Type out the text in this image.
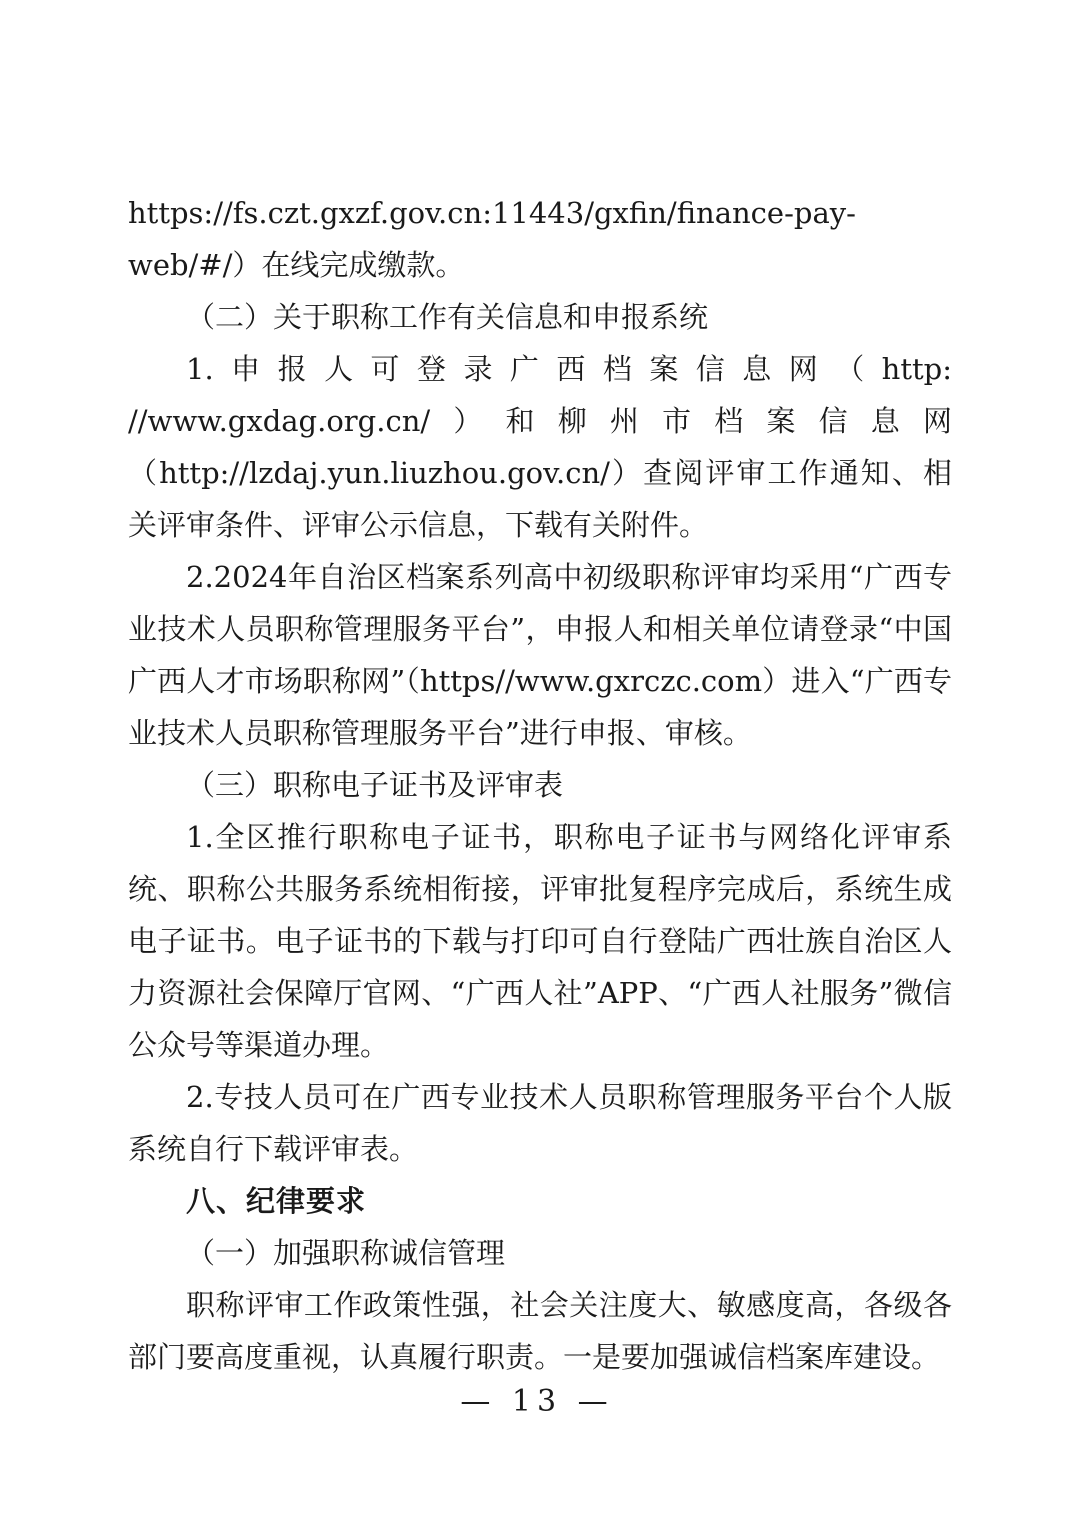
https://fs.czt.gxzf.gov.cn:11443/gxfin/finance-pay-web/#/）在线完成缴款。

（二）关于职称工作有关信息和申报系统

1.申报人可登录广西档案信息网（http: //www.gxdag.org.cn/）和柳州市档案信息网（http://lzdaj.yun.liuzhou.gov.cn/）查阅评审工作通知、相关评审条件、评审公示信息，下载有关附件。

2.2024年自治区档案系列高中初级职称评审均采用“广西专业技术人员职称管理服务平台”，申报人和相关单位请登录“中国广西人才市场职称网”（https//www.gxrczc.com）进入“广西专业技术人员职称管理服务平台”进行申报、审核。

（三）职称电子证书及评审表

1.全区推行职称电子证书，职称电子证书与网络化评审系统、职称公共服务系统相衔接，评审批复程序完成后，系统生成电子证书。电子证书的下载与打印可自行登陆广西壮族自治区人力资源社会保障厅官网、“广西人社”APP、“广西人社服务”微信公众号等渠道办理。

2.专技人员可在广西专业技术人员职称管理服务平台个人版系统自行下载评审表。

八、纪律要求

（一）加强职称诚信管理

职称评审工作政策性强，社会关注度大、敏感度高，各级各部门要高度重视，认真履行职责。一是要加强诚信档案库建设。

— 13 —
